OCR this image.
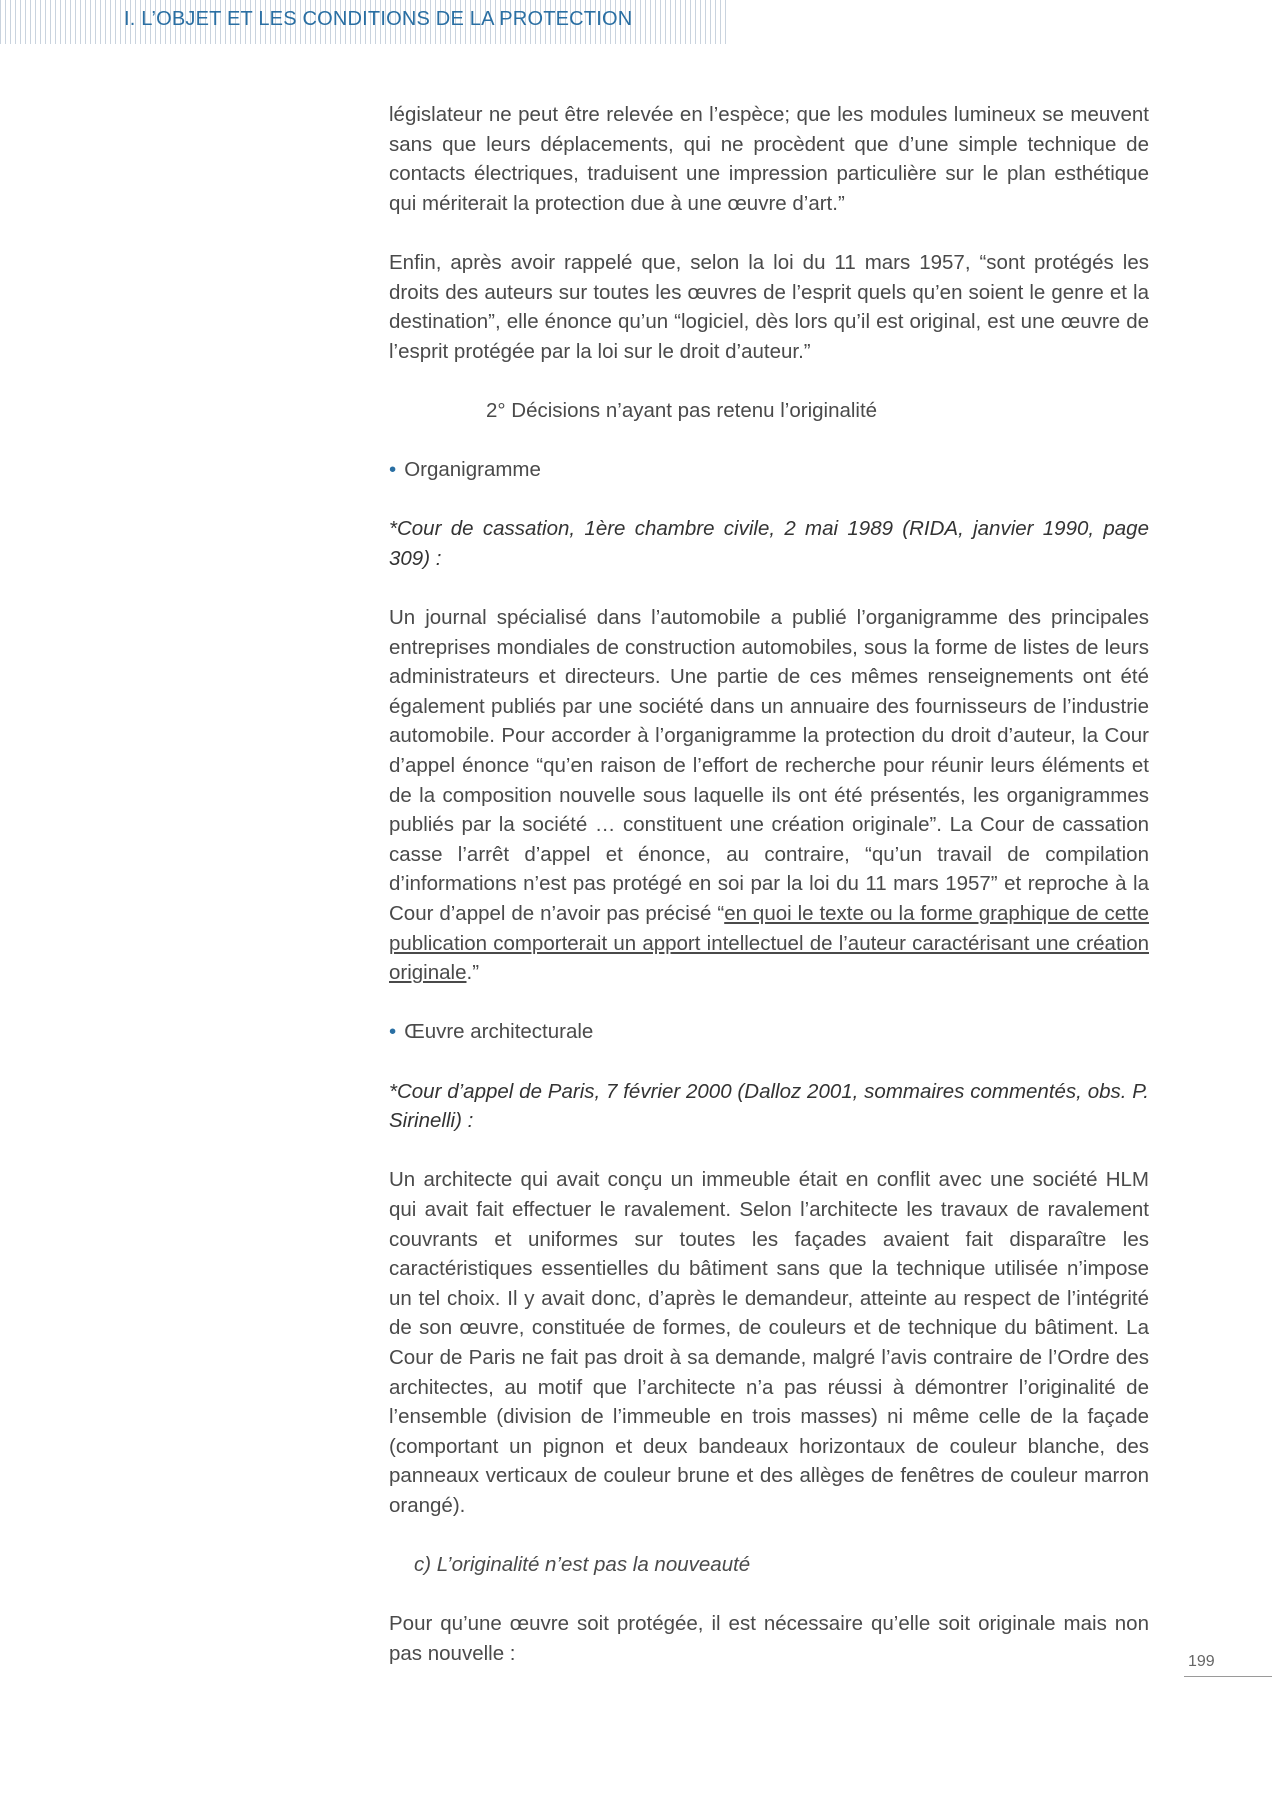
I. L’OBJET ET LES CONDITIONS DE LA PROTECTION

législateur ne peut être relevée en l’espèce; que les modules lumineux se meuvent sans que leurs déplacements, qui ne procèdent que d’une simple technique de contacts électriques, traduisent une impression particulière sur le plan esthétique qui mériterait la protection due à une œuvre d’art.”

Enfin, après avoir rappelé que, selon la loi du 11 mars 1957, “sont protégés les droits des auteurs sur toutes les œuvres de l’esprit quels qu’en soient le genre et la destination”, elle énonce qu’un “logiciel, dès lors qu’il est original, est une œuvre de l’esprit protégée par la loi sur le droit d’auteur.”

2° Décisions n’ayant pas retenu l’originalité
• Organigramme

*Cour de cassation, 1ère chambre civile, 2 mai 1989 (RIDA, janvier 1990, page 309) :

Un journal spécialisé dans l’automobile a publié l’organigramme des principales entreprises mondiales de construction automobiles, sous la forme de listes de leurs administrateurs et directeurs. Une partie de ces mêmes renseignements ont été également publiés par une société dans un annuaire des fournisseurs de l’industrie automobile. Pour accorder à l’organigramme la protection du droit d’auteur, la Cour d’appel énonce “qu’en raison de l’effort de recherche pour réunir leurs éléments et de la composition nouvelle sous laquelle ils ont été présentés, les organigrammes publiés par la société … constituent une création originale”. La Cour de cassation casse l’arrêt d’appel et énonce, au contraire, “qu’un travail de compilation d’informations n’est pas protégé en soi par la loi du 11 mars 1957” et reproche à la Cour d’appel de n’avoir pas précisé “en quoi le texte ou la forme graphique de cette publication comporterait un apport intellectuel de l’auteur caractérisant une création originale.”

• Œuvre architecturale

*Cour d’appel de Paris, 7 février 2000 (Dalloz 2001, sommaires commentés, obs. P. Sirinelli) :

Un architecte qui avait conçu un immeuble était en conflit avec une société HLM qui avait fait effectuer le ravalement. Selon l’architecte les travaux de ravalement couvrants et uniformes sur toutes les façades avaient fait disparaître les caractéristiques essentielles du bâtiment sans que la technique utilisée n’impose un tel choix. Il y avait donc, d’après le demandeur, atteinte au respect de l’intégrité de son œuvre, constituée de formes, de couleurs et de technique du bâtiment. La Cour de Paris ne fait pas droit à sa demande, malgré l’avis contraire de l’Ordre des architectes, au motif que l’architecte n’a pas réussi à démontrer l’originalité de l’ensemble (division de l’immeuble en trois masses) ni même celle de la façade (comportant un pignon et deux bandeaux horizontaux de couleur blanche, des panneaux verticaux de couleur brune et des allèges de fenêtres de couleur marron orangé).

c) L’originalité n’est pas la nouveauté

Pour qu’une œuvre soit protégée, il est nécessaire qu’elle soit originale mais non pas nouvelle :	199
